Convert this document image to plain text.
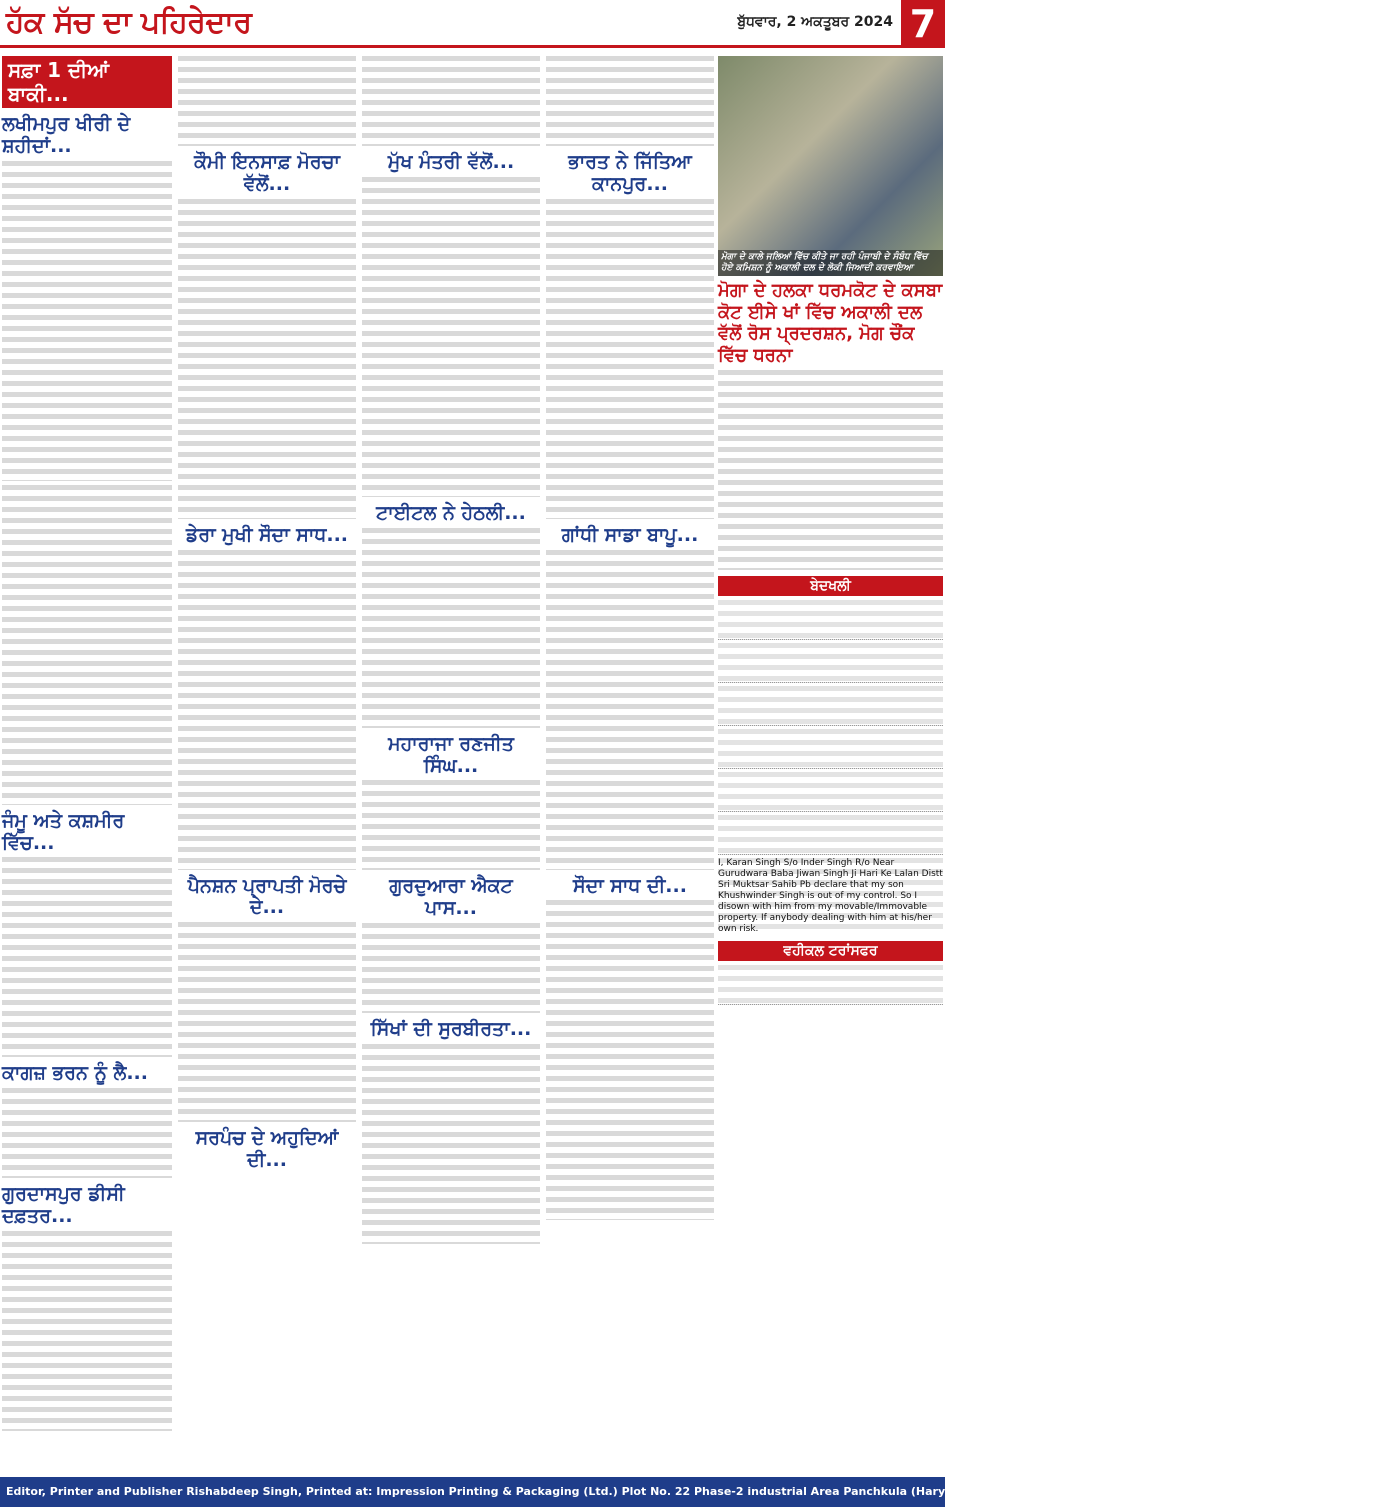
ਹੱਕ ਸੱਚ ਦਾ ਪਹਿਰੇਦਾਰ	ਬੁੱਧਵਾਰ, 2 ਅਕਤੂਬਰ 2024 7
ਸਫ਼ਾ 1 ਦੀਆਂ ਬਾਕੀ...
ਲਖੀਮਪੁਰ ਖੀਰੀ ਦੇ ਸ਼ਹੀਦਾਂ...
ਜੰਮੂ ਅਤੇ ਕਸ਼ਮੀਰ ਵਿੱਚ...
ਕਾਗਜ਼ ਭਰਨ ਨੂੰ ਲੈ...
ਗੁਰਦਾਸਪੁਰ ਡੀਸੀ ਦਫ਼ਤਰ...
ਕੌਮੀ ਇਨਸਾਫ਼ ਮੋਰਚਾ ਵੱਲੋਂ...
ਡੇਰਾ ਮੁਖੀ ਸੌਦਾ ਸਾਧ...
ਪੈਨਸ਼ਨ ਪ੍ਰਾਪਤੀ ਮੋਰਚੇ ਦੇ...
ਸਰਪੰਚ ਦੇ ਅਹੁਦਿਆਂ ਦੀ...
ਮੁੱਖ ਮੰਤਰੀ ਵੱਲੋਂ...
ਟਾਈਟਲ ਨੇ ਹੇਠਲੀ...
ਮਹਾਰਾਜਾ ਰਣਜੀਤ ਸਿੰਘ...
ਗੁਰਦੁਆਰਾ ਐਕਟ ਪਾਸ...
ਸਿੱਖਾਂ ਦੀ ਸੁਰਬੀਰਤਾ...
ਭਾਰਤ ਨੇ ਜਿੱਤਿਆ ਕਾਨਪੁਰ...
ਗਾਂਧੀ ਸਾਡਾ ਬਾਪੂ...
ਸੌਦਾ ਸਾਧ ਦੀ...
ਮੋਗਾ ਦੇ ਕਾਲੇ ਜਲਿਆਂ ਵਿੱਚ ਕੀਤੇ ਜਾ ਰਹੀ ਪੰਜਾਬੀ ਦੇ ਸੰਬੰਧ ਵਿੱਚ ਹੋਏ ਕਮਿਸ਼ਨ ਨੂੰ ਅਕਾਲੀ ਦਲ ਦੇ ਲੋਕੀ ਜਿਆਦੀ ਕਰਵਾਇਆ
ਮੋਗਾ ਦੇ ਹਲਕਾ ਧਰਮਕੋਟ ਦੇ ਕਸਬਾ ਕੋਟ ਈਸੇ ਖਾਂ ਵਿੱਚ ਅਕਾਲੀ ਦਲ ਵੱਲੋਂ ਰੋਸ ਪ੍ਰਦਰਸ਼ਨ, ਮੋਗ ਚੌਂਕ ਵਿੱਚ ਧਰਨਾ
ਬੇਦਖਲੀ
I, Karan Singh S/o Inder Singh R/o Near Gurudwara Baba Jiwan Singh Ji Hari Ke Lalan Distt Sri Muktsar Sahib Pb declare that my son Khushwinder Singh is out of my control. So I disown with him from my movable/Immovable property. If anybody dealing with him at his/her own risk.
ਵਹੀਕਲ ਟਰਾਂਸਫਰ
Editor, Printer and Publisher Rishabdeep Singh, Printed at: Impression Printing & Packaging (Ltd.) Plot No. 22 Phase-2 industrial Area Panchkula (Haryana) 134109 & Published From 3223, First Floor, Sector-35D, Chandigarh
